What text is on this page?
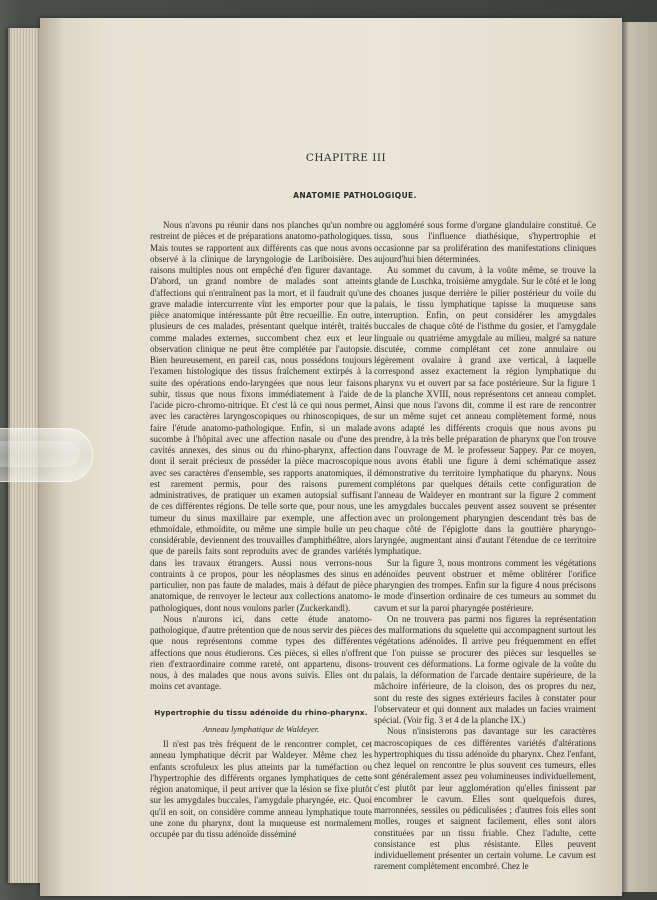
CHAPITRE III
ANATOMIE PATHOLOGIQUE.

Nous n'avons pu réunir dans nos planches qu'un nombre restreint de pièces et de préparations anatomo-pathologiques. Mais toutes se rapportent aux différents cas que nous avons observé à la clinique de laryngologie de Lariboisière. Des raisons multiples nous ont empêché d'en figurer davantage. D'abord, un grand nombre de malades sont atteints d'affections qui n'entraînent pas la mort, et il faudrait qu'une grave maladie intercurrente vînt les emporter pour que la pièce anatomique intéressante pût être recueillie. En outre, plusieurs de ces malades, présentant quelque intérêt, traités comme malades externes, succombent chez eux et leur observation clinique ne peut être complétée par l'autopsie. Bien heureusement, en pareil cas, nous possédons toujours l'examen histologique des tissus fraîchement extirpés à la suite des opérations endo-laryngées que nous leur faisons subir, tissus que nous fixons immédiatement à l'aide de l'acide picro-chromo-nitrique. Et c'est là ce qui nous permet, avec les caractères laryngoscopiques ou rhinoscopiques, de faire l'étude anatomo-pathologique. Enfin, si un malade sucombe à l'hôpital avec une affection nasale ou d'une des cavités annexes, des sinus ou du rhino-pharynx, affection dont il serait précieux de posséder la pièce macroscopique avec ses caractères d'ensemble, ses rapports anatomiques, il est rarement permis, pour des raisons purement administratives, de pratiquer un examen autopsial suffisant de ces différentes régions. De telle sorte que, pour nous, une tumeur du sinus maxillaire par exemple, une affection ethmoïdale, ethmoïdite, ou même une simple bulle un peu considérable, deviennent des trouvailles d'amphithéâtre, alors que de pareils faits sont reproduits avec de grandes variétés dans les travaux étrangers. Aussi nous verrons-nous contraints à ce propos, pour les néoplasmes des sinus en particulier, non pas faute de malades, mais à défaut de pièce anatomique, de renvoyer le lecteur aux collections anatomo-pathologiques, dont nous voulons parler (Zuckerkandl).

Nous n'aurons ici, dans cette étude anatomo-pathologique, d'autre prétention que de nous servir des pièces que nous représentons comme types des différentes affections que nous étudierons. Ces pièces, si elles n'offrent rien d'extraordinaire comme rareté, ont appartenu, disons-nous, à des malades que nous avons suivis. Elles ont du moins cet avantage.

Hypertrophie du tissu adénoïde du rhino-pharynx.
Anneau lymphatique de Waldeyer.

Il n'est pas très fréquent de le rencontrer complet, cet anneau lymphatique décrit par Waldeyer. Même chez les enfants scrofuleux les plus atteints par la tuméfaction ou l'hypertrophie des différents organes lymphatiques de cette région anatomique, il peut arriver que la lésion se fixe plutôt sur les amygdales buccales, l'amygdale pharyngée, etc. Quoi qu'il en soit, on considère comme anneau lymphatique toute une zone du pharynx, dont la muqueuse est normalement occupée par du tissu adénoïde disséminé

ou aggloméré sous forme d'organe glandulaire constitué. Ce tissu, sous l'influence diathésique, s'hypertrophie et occasionne par sa prolifération des manifestations cliniques aujourd'hui bien déterminées.

Au sommet du cavum, à la voûte même, se trouve la glande de Luschka, troisième amygdale. Sur le côté et le long des choanes jusque derrière le pilier postérieur du voile du palais, le tissu lymphatique tapisse la muqueuse sans interruption. Enfin, on peut considérer les amygdales buccales de chaque côté de l'isthme du gosier, et l'amygdale linguale ou quatrième amygdale au milieu, malgré sa nature discutée, comme complétant cet zone annulaire ou légèrement ovalaire à grand axe vertical, à laquelle correspond assez exactement la région lymphatique du pharynx vu et ouvert par sa face postérieure. Sur la figure 1 de la planche XVIII, nous représentons cet anneau complet. Ainsi que nous l'avons dit, comme il est rare de rencontrer sur un même sujet cet anneau complètement formé, nous avons adapté les différents croquis que nous avons pu prendre, à la très belle préparation de pharynx que l'on trouve dans l'ouvrage de M. le professeur Sappey. Par ce moyen, nous avons établi une figure à demi schématique assez démonstrative du territoire lymphatique du pharynx. Nous complétons par quelques détails cette configuration de l'anneau de Waldeyer en montrant sur la figure 2 comment les amygdales buccales peuvent assez souvent se présenter avec un prolongement pharyngien descendant très bas de chaque côté de l'épiglotte dans la gouttière pharyngo-laryngée, augmentant ainsi d'autant l'étendue de ce territoire lymphatique.

Sur la figure 3, nous montrons comment les végétations adénoïdes peuvent obstruer et même oblitérer l'orifice pharyngien des trompes. Enfin sur la figure 4 nous précisons le mode d'insertion ordinaire de ces tumeurs au sommet du cavum et sur la paroi pharyngée postérieure.

On ne trouvera pas parmi nos figures la représentation des malformations du squelette qui accompagnent surtout les végétations adénoïdes. Il arrive peu fréquemment en effet que l'on puisse se procurer des pièces sur lesquelles se trouvent ces déformations. La forme ogivale de la voûte du palais, la déformation de l'arcade dentaire supérieure, de la mâchoire inférieure, de la cloison, des os propres du nez, sont du reste des signes extérieurs faciles à constater pour l'observateur et qui donnent aux malades un facies vraiment spécial. (Voir fig. 3 et 4 de la planche IX.)

Nous n'insisterons pas davantage sur les caractères macroscopiques de ces différentes variétés d'altérations hypertrophiques du tissu adénoïde du pharynx. Chez l'enfant, chez lequel on rencontre le plus souvent ces tumeurs, elles sont généralement assez peu volumineuses individuellement, c'est plutôt par leur agglomération qu'elles finissent par encombrer le cavum. Elles sont quelquefois dures, marronnées, sessiles ou pédiculisées ; d'autres fois elles sont molles, rouges et saignent facilement, elles sont alors constituées par un tissu friable. Chez l'adulte, cette consistance est plus résistante. Elles peuvent individuellement présenter un certain volume. Le cavum est rarement complètement encombré. Chez le
